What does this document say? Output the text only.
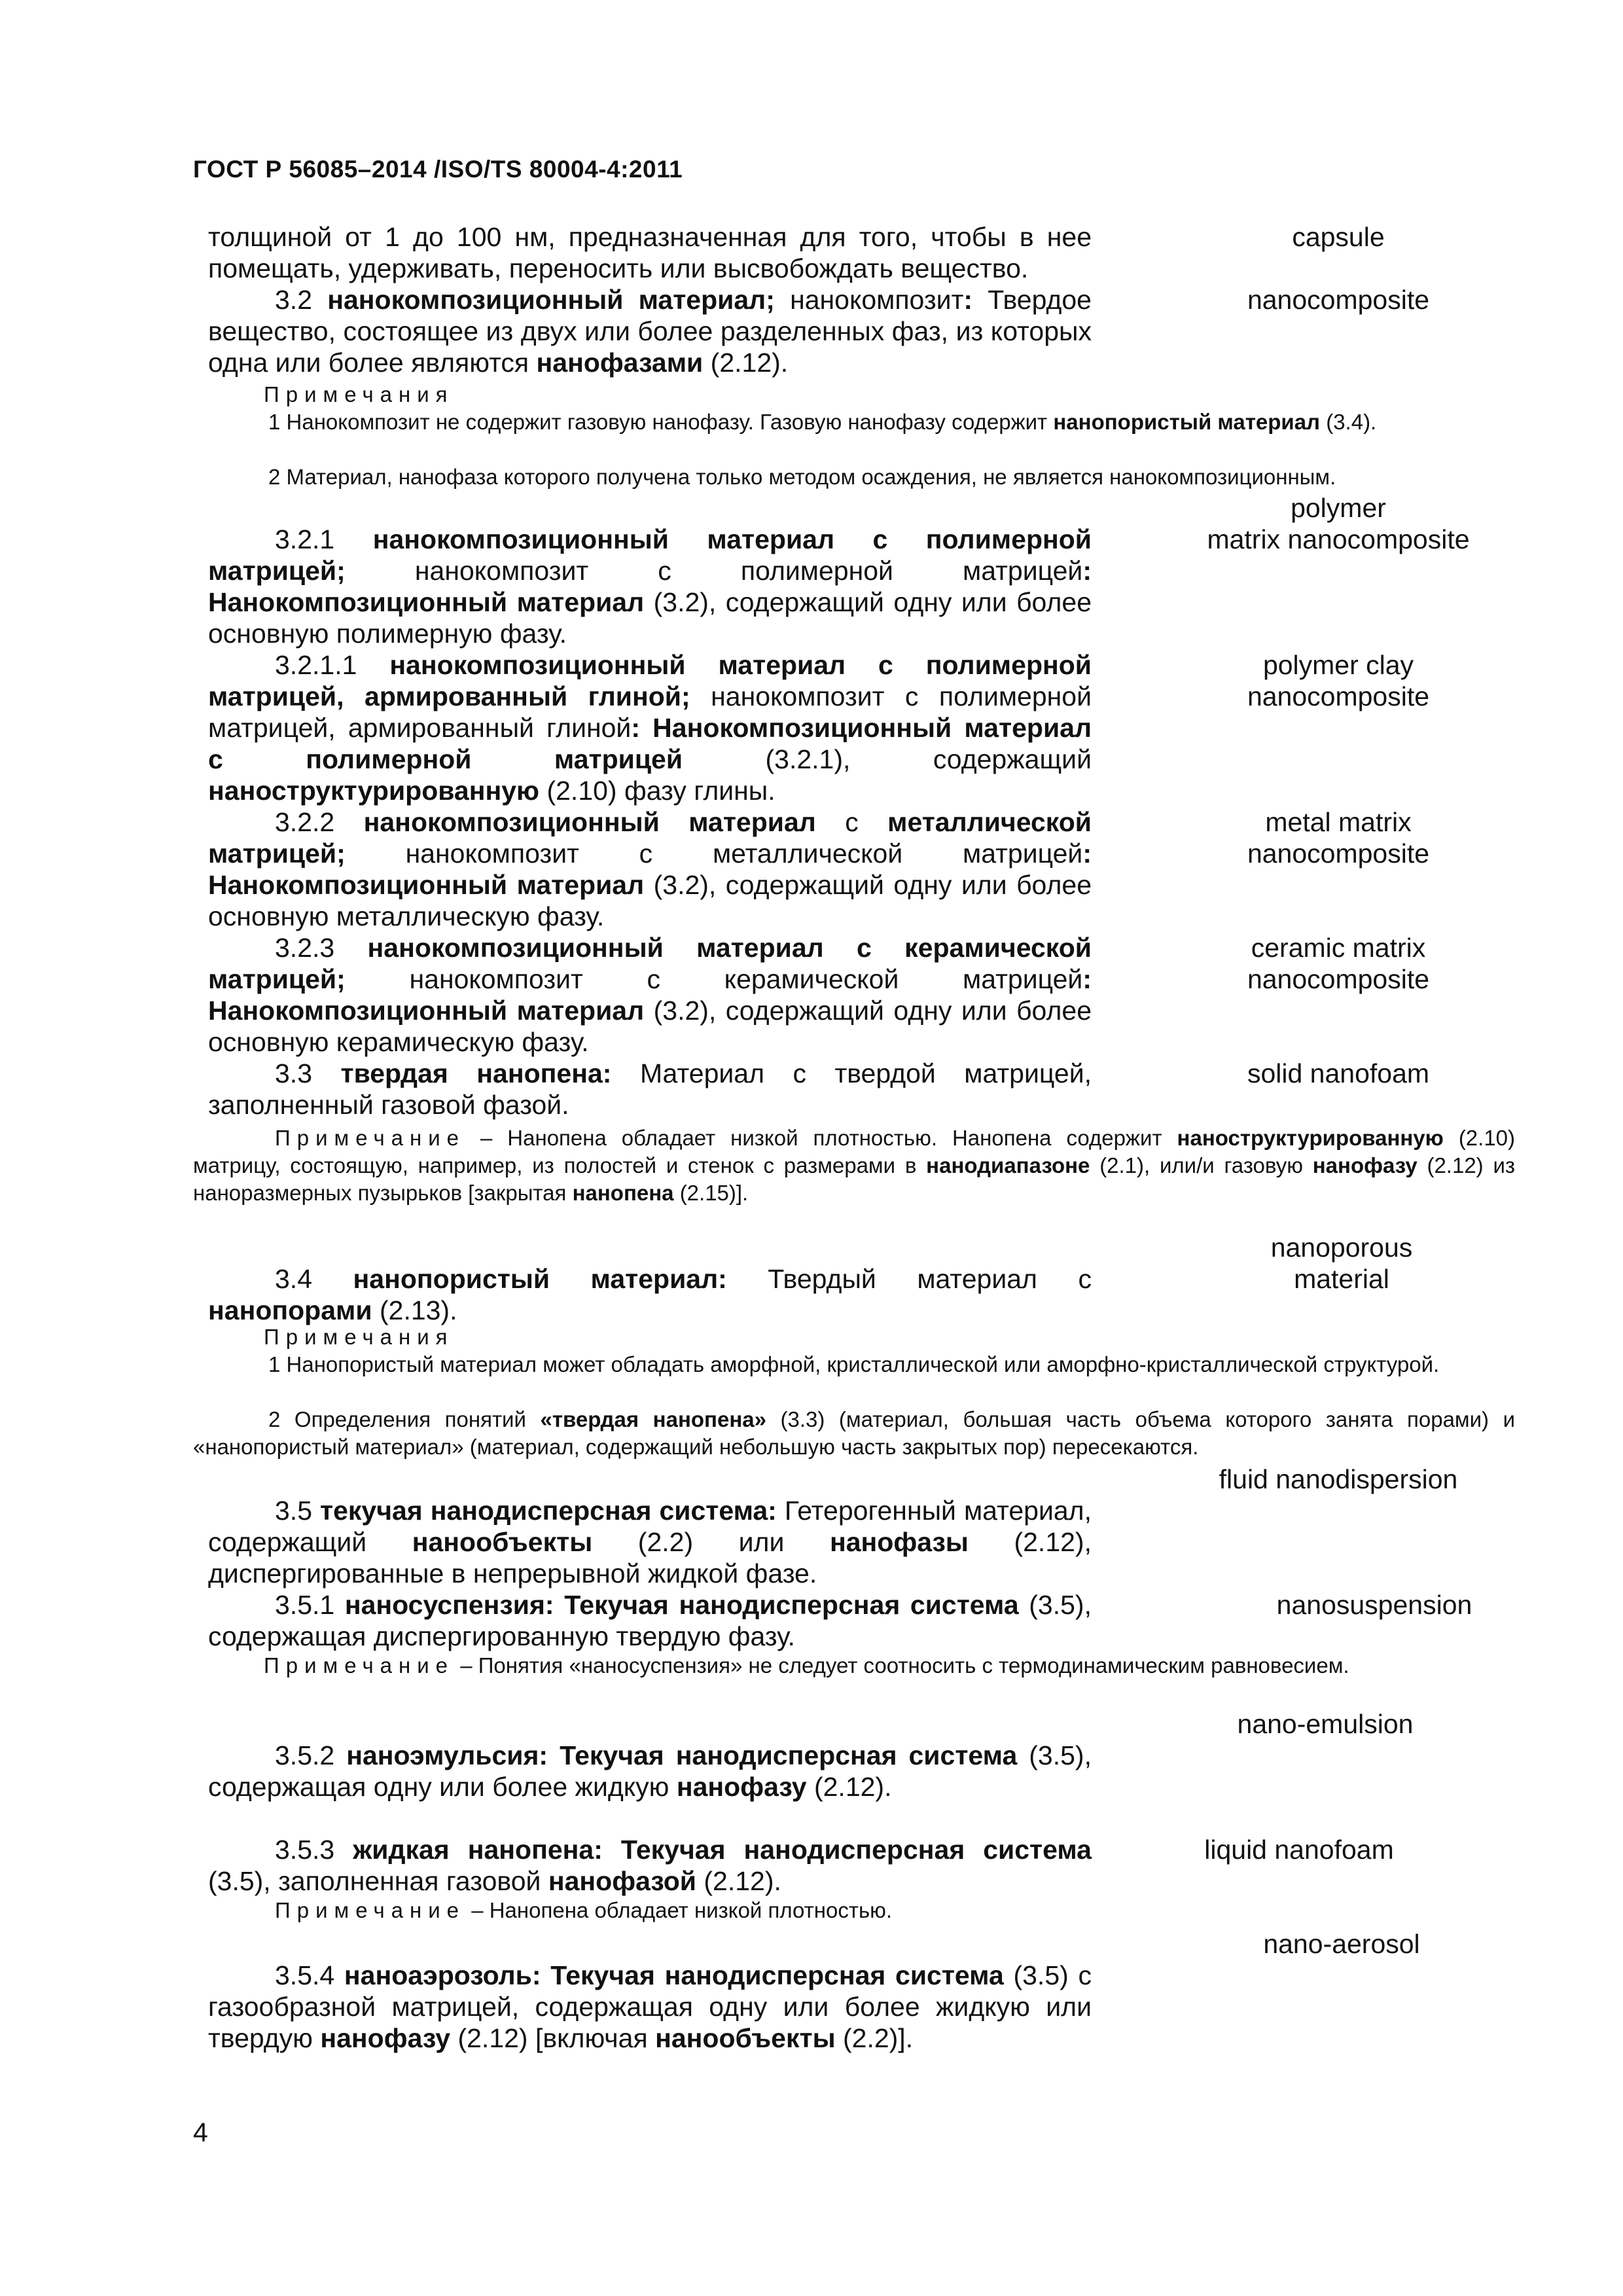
ГОСТ Р 56085–2014 /ISO/TS 80004-4:2011
толщиной от 1 до 100 нм, предназначенная для того, чтобы в нее помещать, удерживать, переносить или высвобождать вещество.
capsule
3.2 нанокомпозиционный материал; нанокомпозит: Твердое вещество, состоящее из двух или более разделенных фаз, из которых одна или более являются нанофазами (2.12).
nanocomposite
Примечания
1 Нанокомпозит не содержит газовую нанофазу. Газовую нанофазу содержит нанопористый материал (3.4).
2 Материал, нанофаза которого получена только методом осаждения, не является нанокомпозиционным.
polymer
matrix nanocomposite
3.2.1 нанокомпозиционный материал с полимерной матрицей;	нанокомпозит с полимерной матрицей: Нанокомпозиционный материал (3.2), содержащий одну или более основную полимерную фазу.
3.2.1.1 нанокомпозиционный материал с полимерной матрицей, армированный глиной; нанокомпозит с полимерной матрицей, армированный глиной: Нанокомпозиционный материал с полимерной матрицей	(3.2.1), содержащий наноструктурированную (2.10) фазу глины.
polymer clay nanocomposite
3.2.2 нанокомпозиционный материал с металлической матрицей; нанокомпозит с металлической матрицей: Нанокомпозиционный материал (3.2), содержащий одну или более основную металлическую фазу.
metal matrix nanocomposite
3.2.3 нанокомпозиционный материал с керамической матрицей; нанокомпозит с керамической матрицей: Нанокомпозиционный материал (3.2), содержащий одну или более основную керамическую фазу.
ceramic matrix nanocomposite
3.3 твердая нанопена: Материал с твердой матрицей, заполненный газовой фазой.
solid nanofoam
Примечание – Нанопена обладает низкой плотностью. Нанопена содержит наноструктурированную (2.10) матрицу, состоящую, например, из полостей и стенок с размерами в нанодиапазоне (2.1), или/и газовую нанофазу (2.12) из наноразмерных пузырьков [закрытая нанопена (2.15)].
nanoporous material
3.4 нанопористый материал: Твердый материал с нанопорами (2.13).
Примечания
1 Нанопористый материал может обладать аморфной, кристаллической или аморфно-кристаллической структурой.
2 Определения понятий «твердая нанопена» (3.3) (материал, большая часть объема которого занята порами) и «нанопористый материал» (материал, содержащий небольшую часть закрытых пор) пересекаются.
fluid nanodispersion
3.5 текучая нанодисперсная система: Гетерогенный материал, содержащий нанообъекты (2.2) или нанофазы (2.12), диспергированные в непрерывной жидкой фазе.
3.5.1 наносуспензия: Текучая нанодисперсная система (3.5), содержащая диспергированную твердую фазу.
nanosuspension
Примечание – Понятия «наносуспензия» не следует соотносить с термодинамическим равновесием.
nano-emulsion
3.5.2 наноэмульсия: Текучая нанодисперсная система (3.5), содержащая одну или более жидкую нанофазу (2.12).
3.5.3 жидкая нанопена: Текучая нанодисперсная система (3.5), заполненная газовой нанофазой (2.12).
liquid nanofoam
Примечание – Нанопена обладает низкой плотностью.
nano-aerosol
3.5.4 наноаэрозоль: Текучая нанодисперсная система (3.5) с газообразной матрицей, содержащая одну или более жидкую или твердую нанофазу (2.12) [включая нанообъекты (2.2)].
4
